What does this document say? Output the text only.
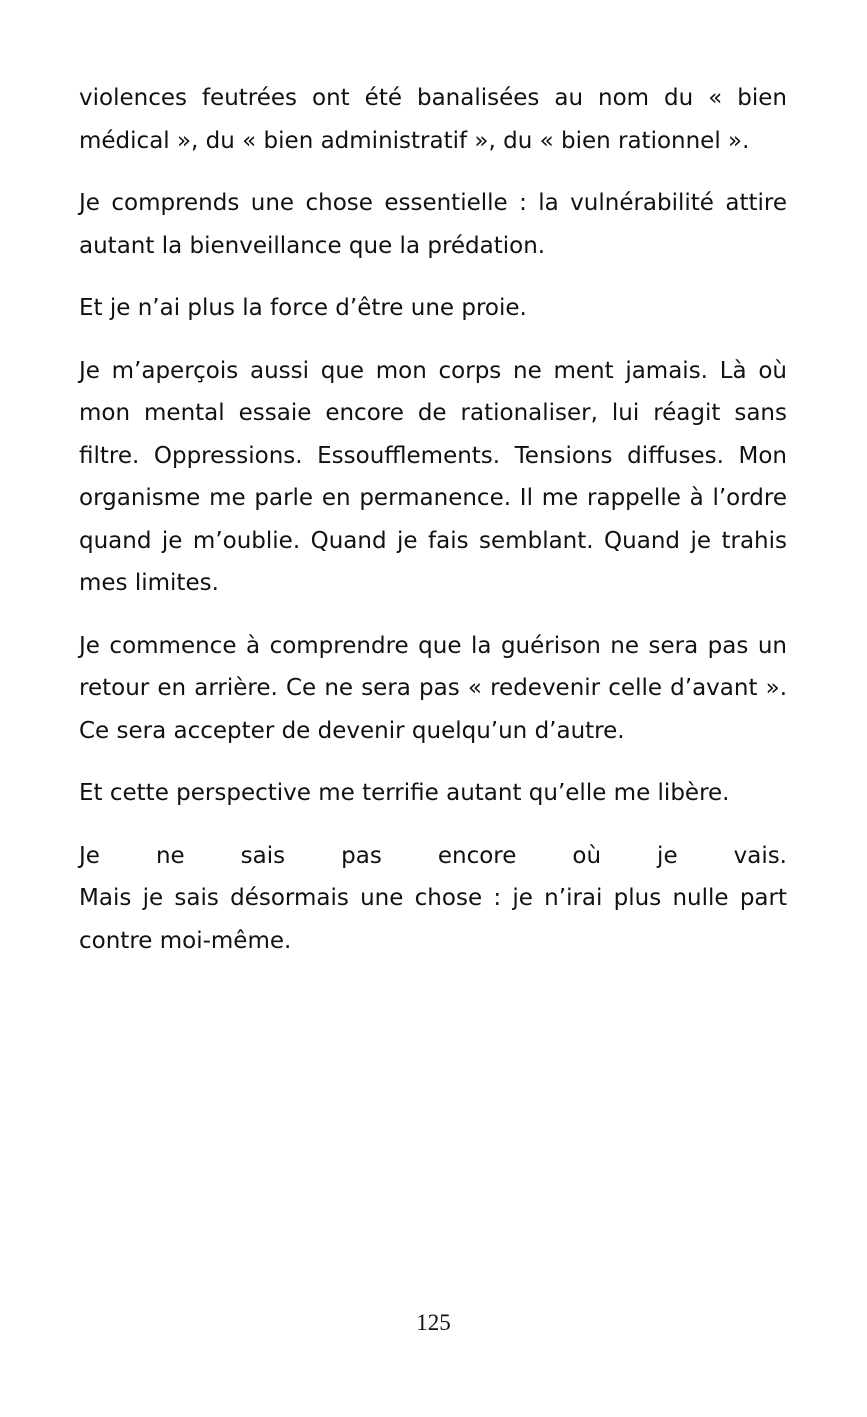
violences feutrées ont été banalisées au nom du « bien médical », du « bien administratif », du « bien rationnel ».

Je comprends une chose essentielle : la vulnérabilité attire autant la bienveillance que la prédation.

Et je n’ai plus la force d’être une proie.

Je m’aperçois aussi que mon corps ne ment jamais. Là où mon mental essaie encore de rationaliser, lui réagit sans filtre. Oppressions. Essoufflements. Tensions diffuses. Mon organisme me parle en permanence. Il me rappelle à l’ordre quand je m’oublie. Quand je fais semblant. Quand je trahis mes limites.

Je commence à comprendre que la guérison ne sera pas un retour en arrière. Ce ne sera pas « redevenir celle d’avant ». Ce sera accepter de devenir quelqu’un d’autre.

Et cette perspective me terrifie autant qu’elle me libère.

Je ne sais pas encore où je vais.
Mais je sais désormais une chose : je n’irai plus nulle part contre moi-même.

125
